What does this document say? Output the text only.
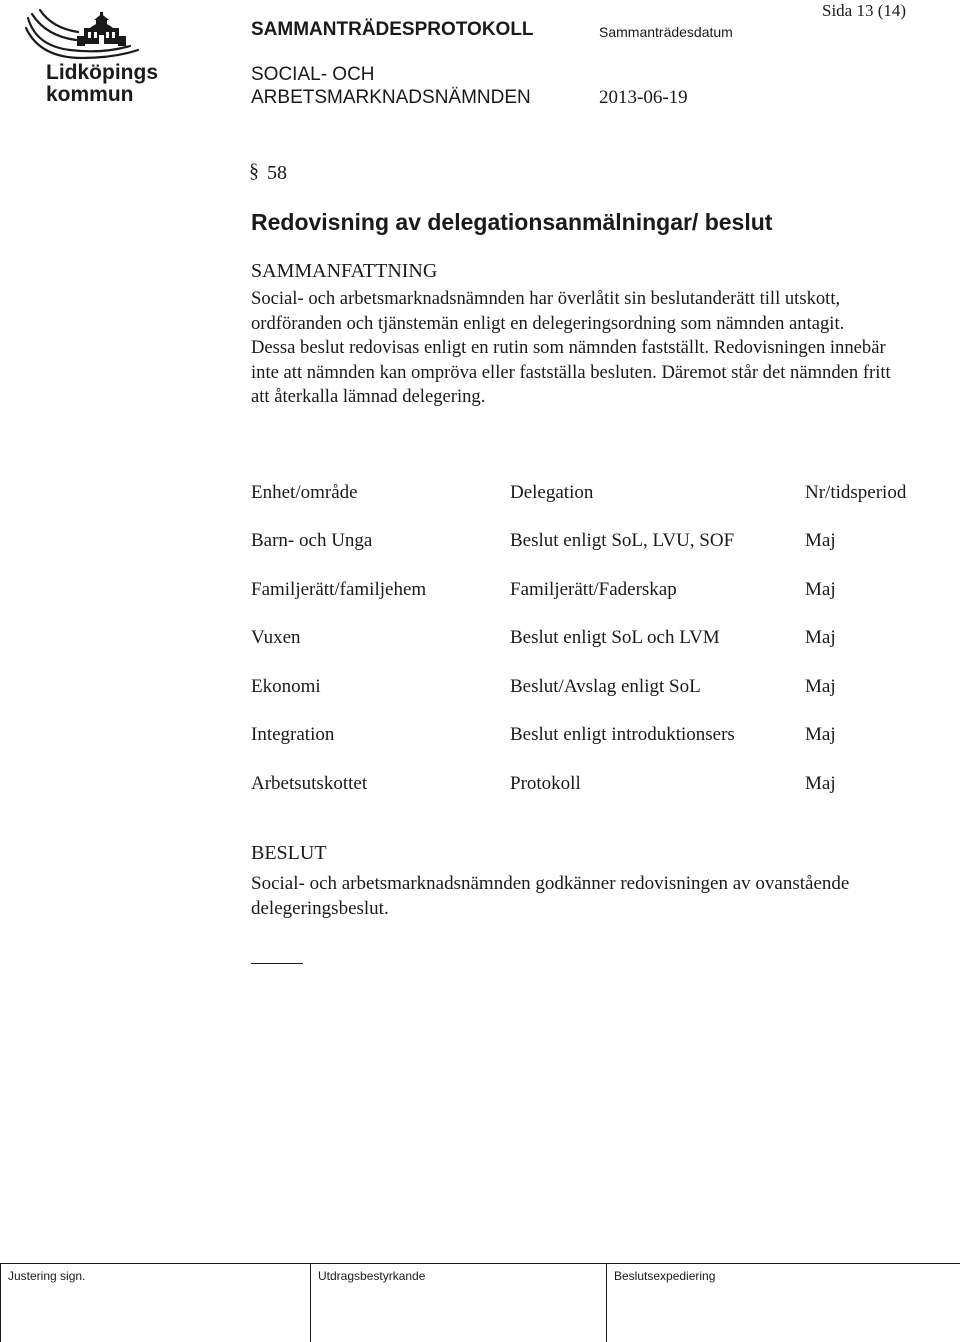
Lidköpings
kommun
SAMMANTRÄDESPROTOKOLL	Sammanträdesdatum
Sida 13 (14)
SOCIAL- OCH
ARBETSMARKNADSNÄMNDEN	2013-06-19
§ 58
Redovisning av delegationsanmälningar/ beslut
SAMMANFATTNING
Social- och arbetsmarknadsnämnden har överlåtit sin beslutanderätt till utskott, ordföranden och tjänstemän enligt en delegeringsordning som nämnden antagit. Dessa beslut redovisas enligt en rutin som nämnden fastställt. Redovisningen innebär inte att nämnden kan ompröva eller fastställa besluten. Däremot står det nämnden fritt att återkalla lämnad delegering.
Enhet/område	Delegation	Nr/tidsperiod
Barn- och Unga	Beslut enligt SoL, LVU, SOF	Maj
Familjerätt/familjehem	Familjerätt/Faderskap	Maj
Vuxen	Beslut enligt SoL och LVM	Maj
Ekonomi	Beslut/Avslag enligt SoL	Maj
Integration	Beslut enligt introduktionsers	Maj
Arbetsutskottet	Protokoll	Maj
BESLUT
Social- och arbetsmarknadsnämnden godkänner redovisningen av ovanstående delegeringsbeslut.
Justering sign.	Utdragsbestyrkande	Beslutsexpediering
